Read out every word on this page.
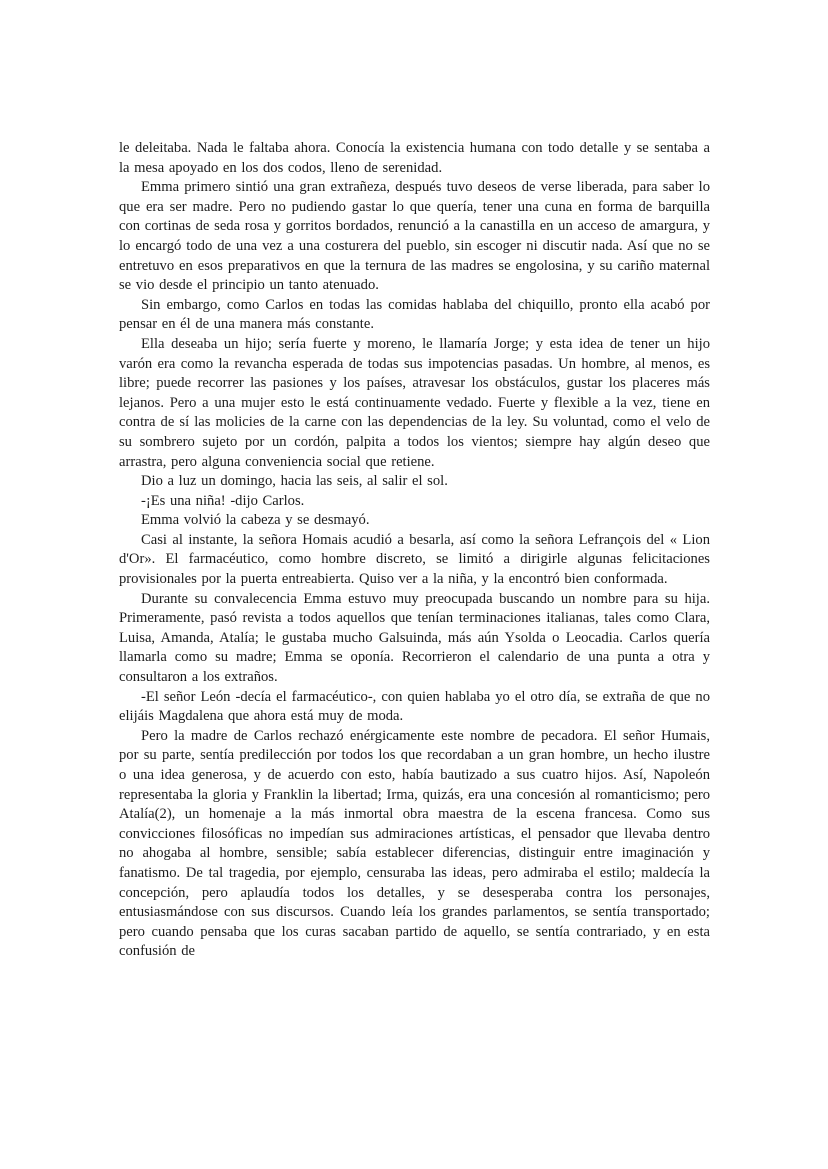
le deleitaba. Nada le faltaba ahora. Conocía la existencia humana con todo detalle y se sentaba a la mesa apoyado en los dos codos, lleno de serenidad.

Emma primero sintió una gran extrañeza, después tuvo deseos de verse liberada, para saber lo que era ser madre. Pero no pudiendo gastar lo que quería, tener una cuna en forma de barquilla con cortinas de seda rosa y gorritos bordados, renunció a la canastilla en un acceso de amargura, y lo encargó todo de una vez a una costurera del pueblo, sin escoger ni discutir nada. Así que no se entretuvo en esos preparativos en que la ternura de las madres se engolosina, y su cariño maternal se vio desde el principio un tanto atenuado.

Sin embargo, como Carlos en todas las comidas hablaba del chiquillo, pronto ella acabó por pensar en él de una manera más constante.

Ella deseaba un hijo; sería fuerte y moreno, le llamaría Jorge; y esta idea de tener un hijo varón era como la revancha esperada de todas sus impotencias pasadas. Un hombre, al menos, es libre; puede recorrer las pasiones y los países, atravesar los obstáculos, gustar los placeres más lejanos. Pero a una mujer esto le está continuamente vedado. Fuerte y flexible a la vez, tiene en contra de sí las molicies de la carne con las dependencias de la ley. Su voluntad, como el velo de su sombrero sujeto por un cordón, palpita a todos los vientos; siempre hay algún deseo que arrastra, pero alguna conveniencia social que retiene.

Dio a luz un domingo, hacia las seis, al salir el sol.

-¡Es una niña! -dijo Carlos.

Emma volvió la cabeza y se desmayó.

Casi al instante, la señora Homais acudió a besarla, así como la señora Lefrançois del « Lion d'Or». El farmacéutico, como hombre discreto, se limitó a dirigirle algunas felicitaciones provisionales por la puerta entreabierta. Quiso ver a la niña, y la encontró bien conformada.

Durante su convalecencia Emma estuvo muy preocupada buscando un nombre para su hija. Primeramente, pasó revista a todos aquellos que tenían terminaciones italianas, tales como Clara, Luisa, Amanda, Atalía; le gustaba mucho Galsuinda, más aún Ysolda o Leocadia. Carlos quería llamarla como su madre; Emma se oponía. Recorrieron el calendario de una punta a otra y consultaron a los extraños.

-El señor León -decía el farmacéutico-, con quien hablaba yo el otro día, se extraña de que no elijáis Magdalena que ahora está muy de moda.

Pero la madre de Carlos rechazó enérgicamente este nombre de pecadora. El señor Humais, por su parte, sentía predilección por todos los que recordaban a un gran hombre, un hecho ilustre o una idea generosa, y de acuerdo con esto, había bautizado a sus cuatro hijos. Así, Napoleón representaba la gloria y Franklin la libertad; Irma, quizás, era una concesión al romanticismo; pero Atalía(2), un homenaje a la más inmortal obra maestra de la escena francesa. Como sus convicciones filosóficas no impedían sus admiraciones artísticas, el pensador que llevaba dentro no ahogaba al hombre, sensible; sabía establecer diferencias, distinguir entre imaginación y fanatismo. De tal tragedia, por ejemplo, censuraba las ideas, pero admiraba el estilo; maldecía la concepción, pero aplaudía todos los detalles, y se desesperaba contra los personajes, entusiasmándose con sus discursos. Cuando leía los grandes parlamentos, se sentía transportado; pero cuando pensaba que los curas sacaban partido de aquello, se sentía contrariado, y en esta confusión de
